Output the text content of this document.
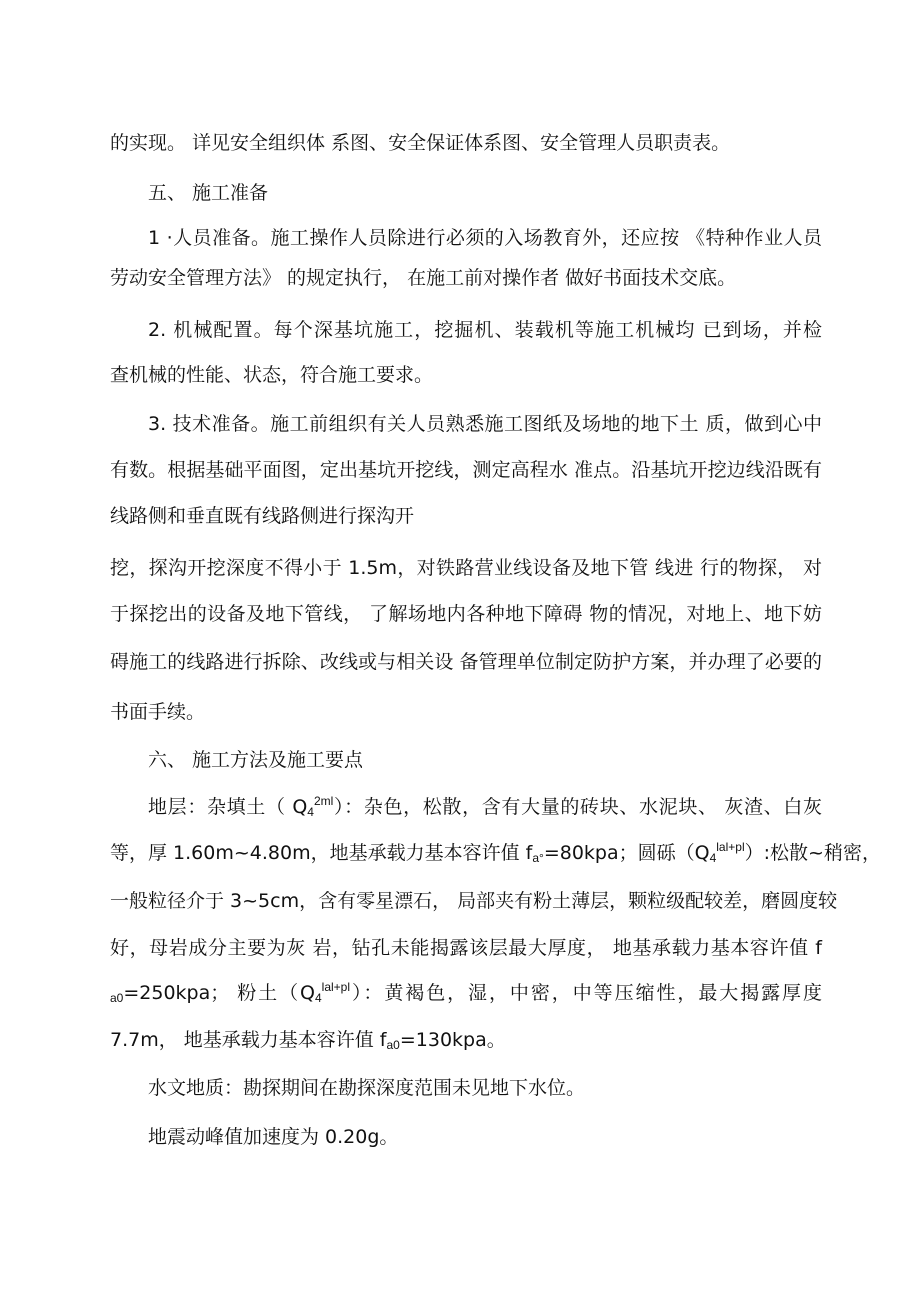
的实现。 详见安全组织体 系图、安全保证体系图、安全管理人员职责表。
五、 施工准备
1 ·人员准备。施工操作人员除进行必须的入场教育外，还应按 《特种作业人员
劳动安全管理方法》 的规定执行， 在施工前对操作者 做好书面技术交底。
2. 机械配置。每个深基坑施工，挖掘机、装载机等施工机械均 已到场，并检
查机械的性能、状态，符合施工要求。
3. 技术准备。施工前组织有关人员熟悉施工图纸及场地的地下土 质，做到心中
有数。根据基础平面图，定出基坑开挖线，测定高程水 准点。沿基坑开挖边线沿既有
线路侧和垂直既有线路侧进行探沟开
挖，探沟开挖深度不得小于 1.5m，对铁路营业线设备及地下管 线进 行的物探， 对
于探挖出的设备及地下管线， 了解场地内各种地下障碍 物的情况，对地上、地下妨
碍施工的线路进行拆除、改线或与相关设 备管理单位制定防护方案，并办理了必要的
书面手续。
六、 施工方法及施工要点
地层：杂填土（ $Q_4^{2ml}$）：杂色，松散，含有大量的砖块、水泥块、 灰渣、白灰
等，厚 1.60m~4.80m，地基承载力基本容许值 $f_{a^\circ}=80kpa$；圆砾$(Q_4^{lal+pl})$:松散~稍密，
一般粒径介于 3~5cm，含有零星漂石， 局部夹有粉土薄层，颗粒级配较差，磨圆度较
好，母岩成分主要为灰 岩，钻孔未能揭露该层最大厚度， 地基承载力基本容许值 f
$_{a0}$=250kpa； 粉土$(Q_4^{lal+pl})$：黄褐色，湿，中密，中等压缩性，最大揭露厚度
7.7m， 地基承载力基本容许值 $f_{a0}=130kpa$。
水文地质：勘探期间在勘探深度范围未见地下水位。
地震动峰值加速度为 0.20g。
